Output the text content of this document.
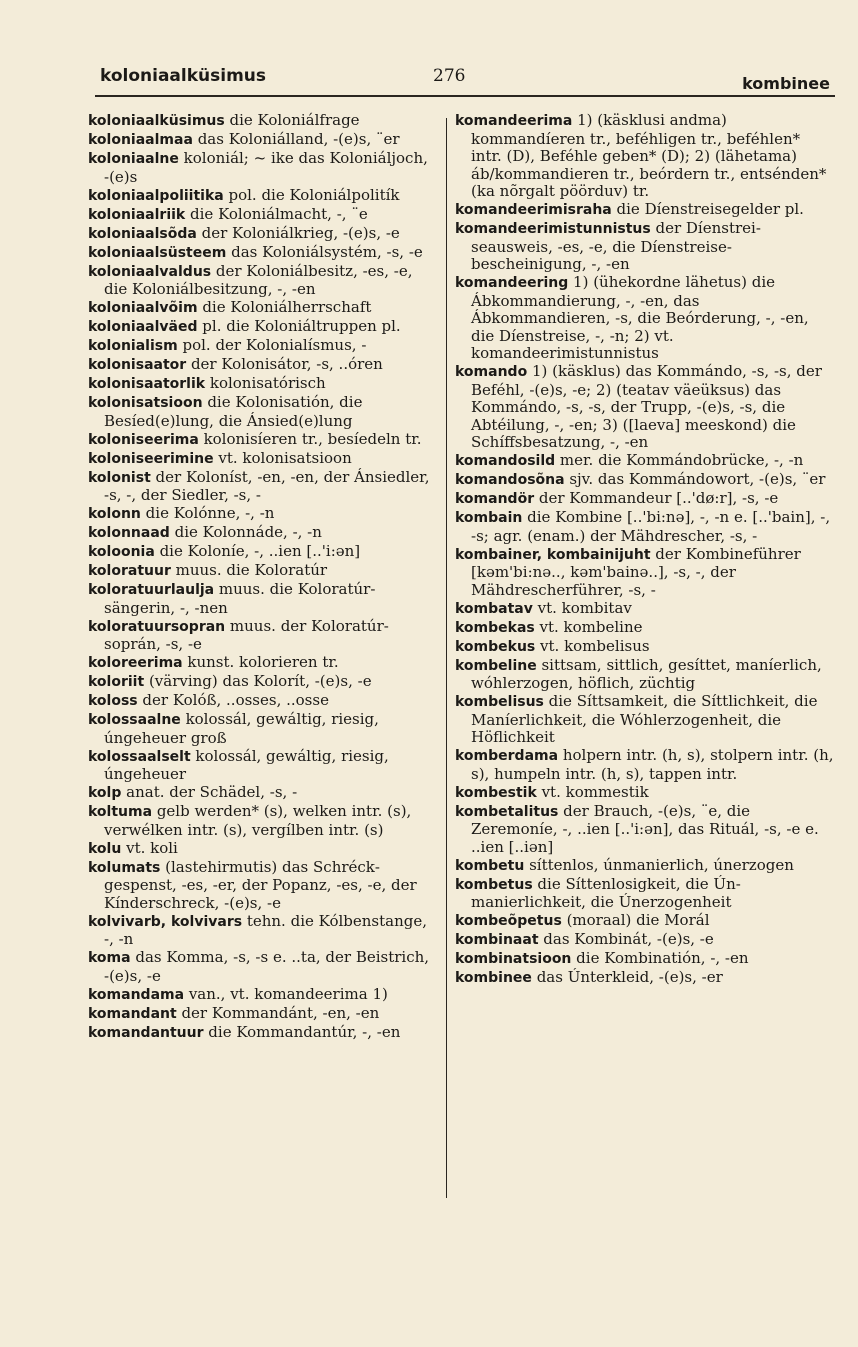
koloniaalküsimus	276	kombinee
koloniaalküsimus die Koloniálfrage
koloniaalmaa das Koloniálland, -(e)s, ¨er
koloniaalne koloniál; ~ ike das Koloniáljoch, -(e)s
koloniaalpoliitika pol. die Koloniálpolitík
koloniaalriik die Koloniálmacht, -, ¨e
koloniaalsõda der Koloniálkrieg, -(e)s, -e
koloniaalsüsteem das Koloniálsystém, -s, -e
koloniaalvaldus der Koloniálbesitz, -es, -e, die Koloniálbesitzung, -, -en
koloniaalvõim die Koloniálherrschaft
koloniaalväed pl. die Koloniáltruppen pl.
kolonialism pol. der Kolonialísmus, -
kolonisaator der Kolonisátor, -s, ..óren
kolonisaatorlik kolonisatórisch
kolonisatsioon die Kolonisatión, die Besíed(e)lung, die Ánsied(e)lung
koloniseerima kolonisíeren tr., besíedeln tr.
koloniseerimine vt. kolonisatsioon
kolonist der Koloníst, -en, -en, der Ánsiedler, -s, -, der Siedler, -s, -
kolonn die Kolónne, -, -n
kolonnaad die Kolonnáde, -, -n
koloonia die Koloníe, -, ..ien [..'i:ən]
koloratuur muus. die Koloratúr
koloratuurlaulja muus. die Koloratúrsängerin, -, -nen
koloratuursopran muus. der Koloratúrsoprán, -s, -e
koloreerima kunst. kolorieren tr.
koloriit (värving) das Kolorít, -(e)s, -e
koloss der Kolóß, ..osses, ..osse
kolossaalne kolossál, gewáltig, riesig, úngeheuer groß
kolossaalselt kolossál, gewáltig, riesig, úngeheuer
kolp anat. der Schädel, -s, -
koltuma gelb werden* (s), welken intr. (s), verwélken intr. (s), vergílben intr. (s)
kolu vt. koli
kolumats (lastehirmutis) das Schréckgespenst, -es, -er, der Popanz, -es, -e, der Kínderschreck, -(e)s, -e
kolvivarb, kolvivars tehn. die Kólbenstange, -, -n
koma das Komma, -s, -s e. ..ta, der Beistrich, -(e)s, -e
komandama van., vt. komandeerima 1)
komandant der Kommandánt, -en, -en
komandantuur die Kommandantúr, -, -en
komandeerima 1) (käsklusi andma) kommandíeren tr., beféhligen tr., beféhlen* intr. (D), Beféhle geben* (D); 2) (lähetama) áb/kommandieren tr., beórdern tr., entsénden* (ka nõrgalt pöörduv) tr.
komandeerimisraha die Díenstreisegelder pl.
komandeerimistunnistus der Díenstreiseausweis, -es, -e, die Díenstreisebescheinigung, -, -en
komandeering 1) (ühekordne lähetus) die Ábkommandierung, -, -en, das Ábkommandieren, -s, die Beórderung, -, -en, die Díenstreise, -, -n; 2) vt. komandeerimistunnistus
komando 1) (käsklus) das Kommándo, -s, -s, der Beféhl, -(e)s, -e; 2) (teatav väeüksus) das Kommándo, -s, -s, der Trupp, -(e)s, -s, die Abtéilung, -, -en; 3) ([laeva] meeskond) die Schíffsbesatzung, -, -en
komandosild mer. die Kommándobrücke, -, -n
komandosõna sjv. das Kommándowort, -(e)s, ¨er
komandör der Kommandeur [..'dø:r], -s, -e
kombain die Kombine [..'bi:nə], -, -n e. [..'bain], -, -s; agr. (enam.) der Mähdrescher, -s, -
kombainer, kombainijuht der Kombineführer [kəm'bi:nə.., kəm'bainə..], -s, -, der Mähdrescherführer, -s, -
kombatav vt. kombitav
kombekas vt. kombeline
kombekus vt. kombelisus
kombeline sittsam, sittlich, gesíttet, maníerlich, wóhlerzogen, höflich, züchtig
kombelisus die Síttsamkeit, die Síttlichkeit, die Maníerlichkeit, die Wóhlerzogenheit, die Höflichkeit
komberdama holpern intr. (h, s), stolpern intr. (h, s), humpeln intr. (h, s), tappen intr.
kombestik vt. kommestik
kombetalitus der Brauch, -(e)s, ¨e, die Zeremoníe, -, ..ien [..'i:ən], das Rituál, -s, -e e. ..ien [..iən]
kombetu síttenlos, únmanierlich, únerzogen
kombetus die Síttenlosigkeit, die Únmanierlichkeit, die Únerzogenheit
kombeõpetus (moraal) die Morál
kombinaat das Kombinát, -(e)s, -e
kombinatsioon die Kombinatión, -, -en
kombinee das Únterkleid, -(e)s, -er
